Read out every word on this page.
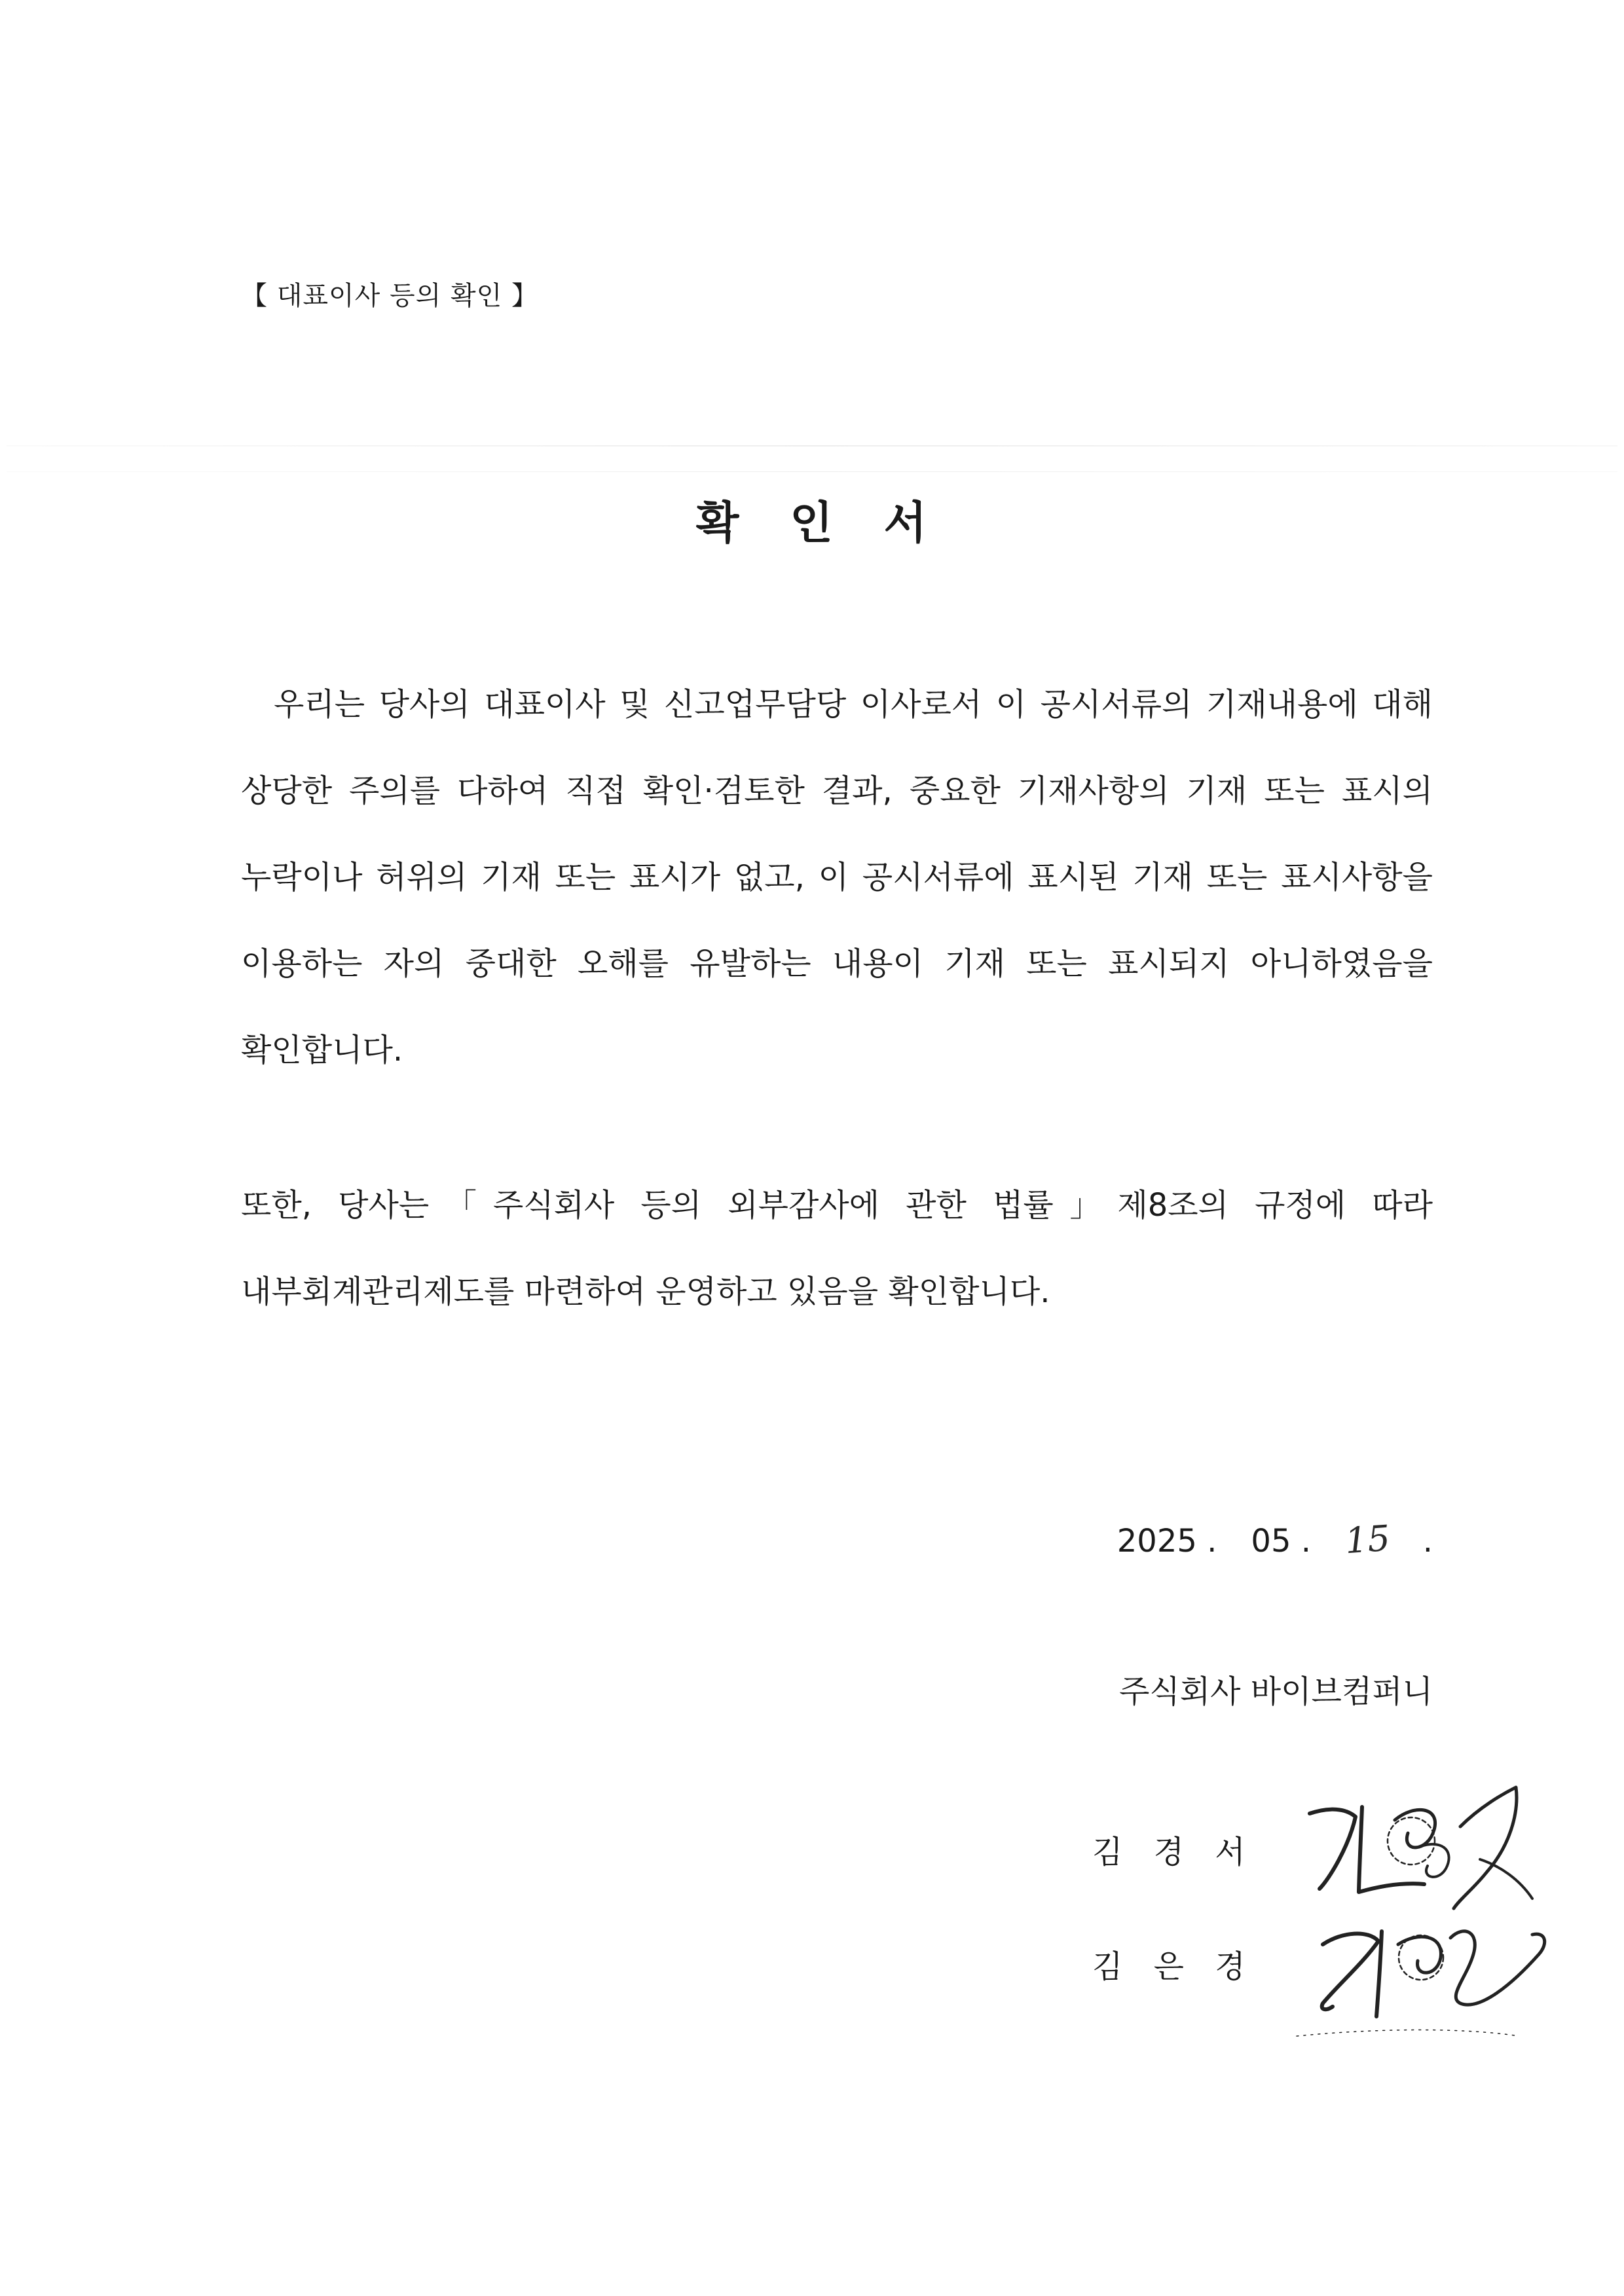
【 대표이사 등의 확인 】
확 인 서
우리는 당사의 대표이사 및 신고업무담당 이사로서 이 공시서류의 기재내용에 대해 상당한 주의를 다하여 직접 확인·검토한 결과, 중요한 기재사항의 기재 또는 표시의 누락이나 허위의 기재 또는 표시가 없고, 이 공시서류에 표시된 기재 또는 표시사항을 이용하는 자의 중대한 오해를 유발하는 내용이 기재 또는 표시되지 아니하였음을 확인합니다.
또한, 당사는「주식회사 등의 외부감사에 관한 법률」제8조의 규정에 따라 내부회계관리제도를 마련하여 운영하고 있음을 확인합니다.
2025 . 05 . 15 .
주식회사 바이브컴퍼니
김 경 서
김 은 경
